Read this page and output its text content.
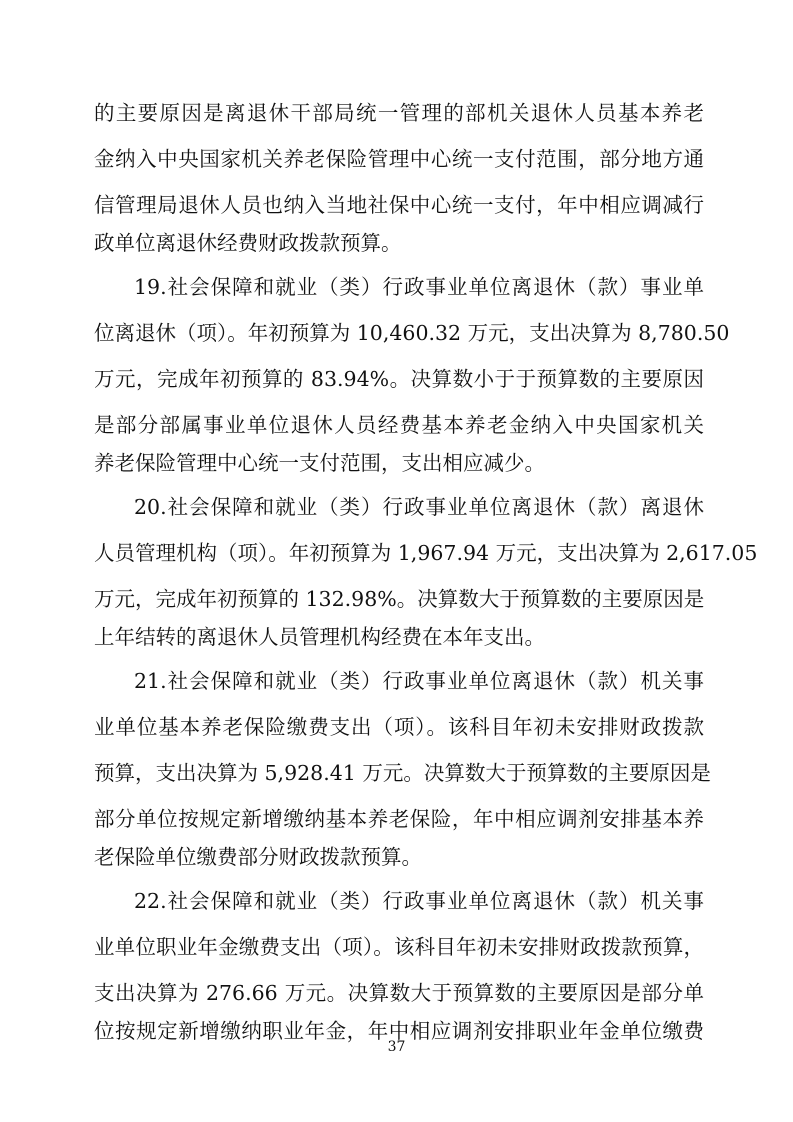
的主要原因是离退休干部局统一管理的部机关退休人员基本养老
金纳入中央国家机关养老保险管理中心统一支付范围，部分地方通
信管理局退休人员也纳入当地社保中心统一支付，年中相应调减行
政单位离退休经费财政拨款预算。
19.社会保障和就业（类）行政事业单位离退休（款）事业单
位离退休（项）。年初预算为 10,460.32 万元，支出决算为 8,780.50
万元，完成年初预算的 83.94%。决算数小于于预算数的主要原因
是部分部属事业单位退休人员经费基本养老金纳入中央国家机关
养老保险管理中心统一支付范围，支出相应减少。
20.社会保障和就业（类）行政事业单位离退休（款）离退休
人员管理机构（项）。年初预算为 1,967.94 万元，支出决算为 2,617.05
万元，完成年初预算的 132.98%。决算数大于预算数的主要原因是
上年结转的离退休人员管理机构经费在本年支出。
21.社会保障和就业（类）行政事业单位离退休（款）机关事
业单位基本养老保险缴费支出（项）。该科目年初未安排财政拨款
预算，支出决算为 5,928.41 万元。决算数大于预算数的主要原因是
部分单位按规定新增缴纳基本养老保险，年中相应调剂安排基本养
老保险单位缴费部分财政拨款预算。
22.社会保障和就业（类）行政事业单位离退休（款）机关事
业单位职业年金缴费支出（项）。该科目年初未安排财政拨款预算，
支出决算为 276.66 万元。决算数大于预算数的主要原因是部分单
位按规定新增缴纳职业年金，年中相应调剂安排职业年金单位缴费
37
